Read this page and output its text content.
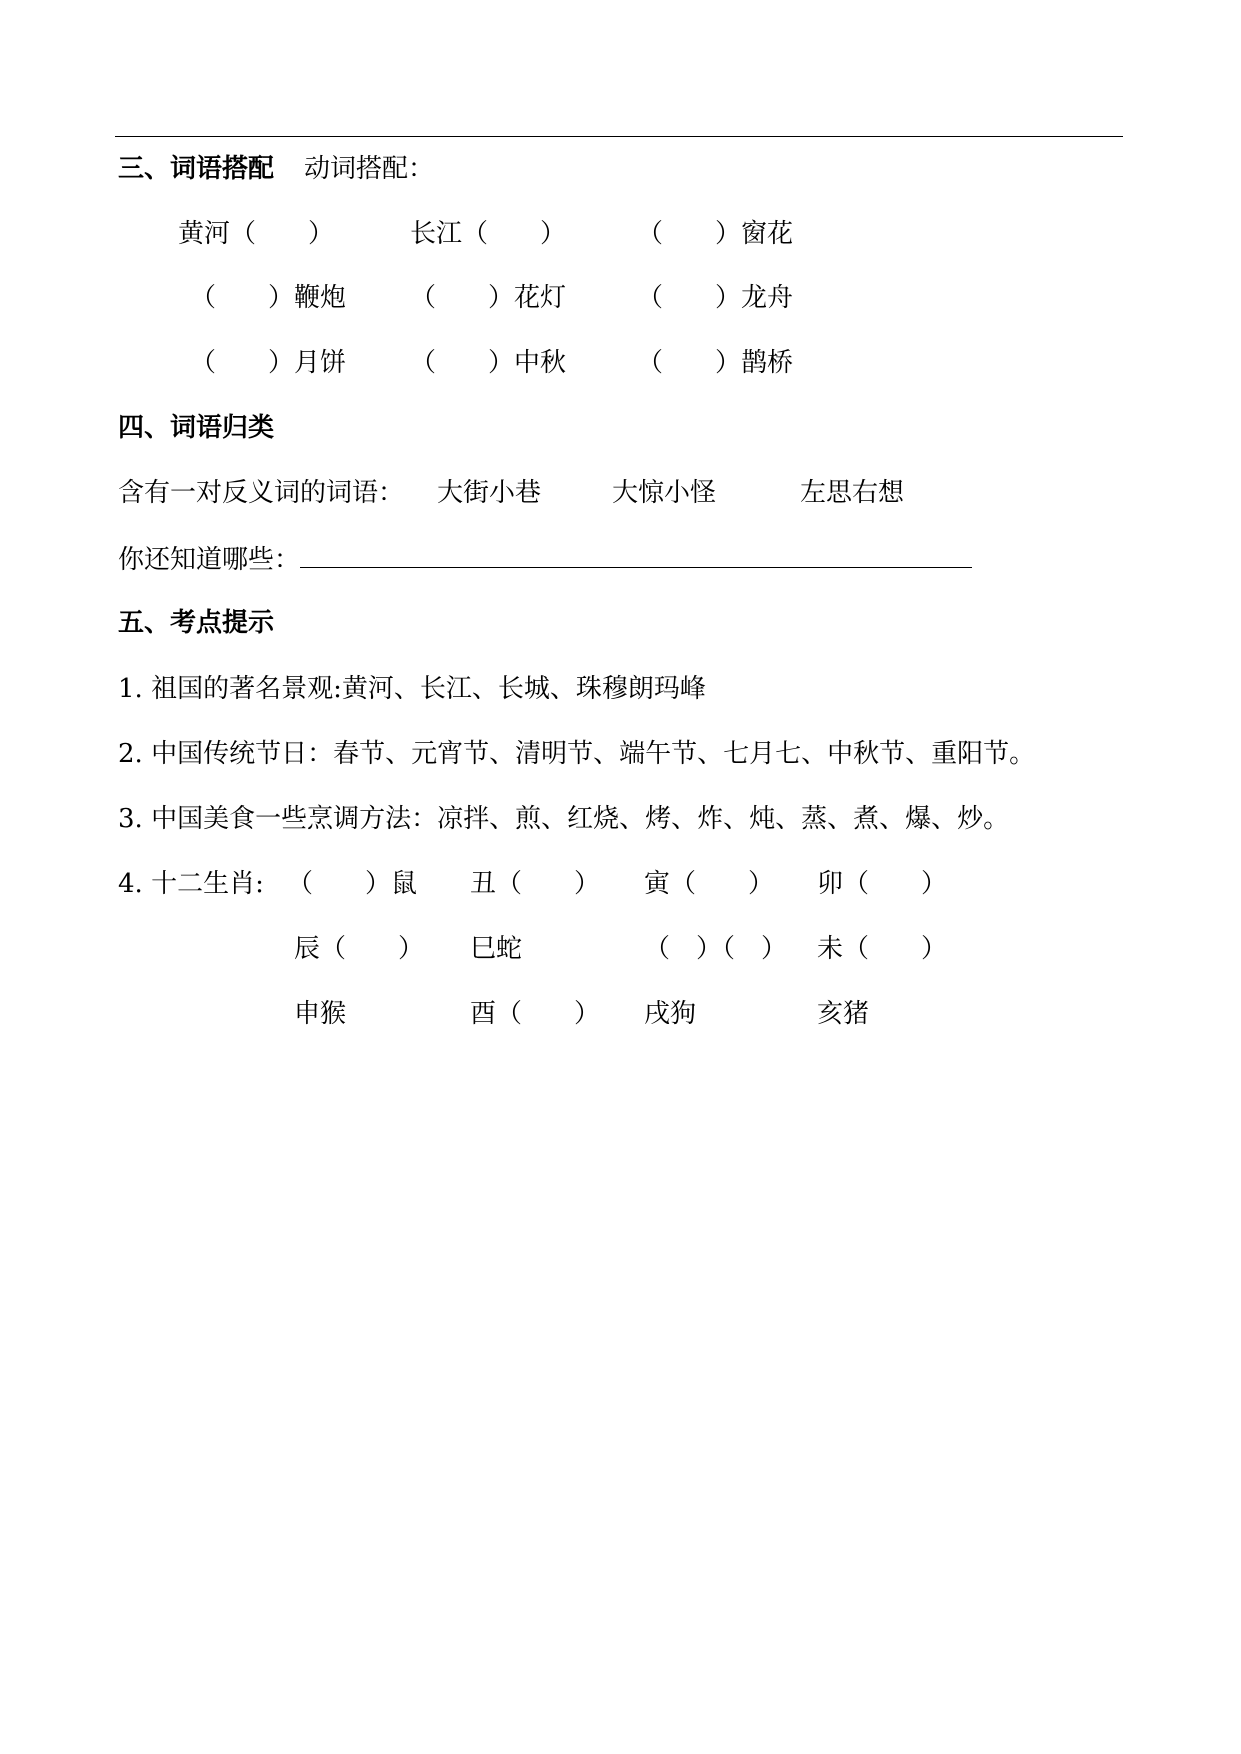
三、词语搭配 动词搭配：
黄河（　　）	长江（　　）	（　　）窗花
（　　）鞭炮 （　　）花灯	（　　）龙舟
（　　）月饼 （　　）中秋	（　　）鹊桥
四、词语归类
含有一对反义词的词语： 大街小巷	大惊小怪	左思右想
你还知道哪些：
五、考点提示
1. 祖国的著名景观:黄河、长江、长城、珠穆朗玛峰
2. 中国传统节日：春节、元宵节、清明节、端午节、七月七、中秋节、重阳节。
3. 中国美食一些烹调方法：凉拌、煎、红烧、烤、炸、炖、蒸、煮、爆、炒。
4. 十二生肖: （　　）鼠 丑（　　） 寅（　　） 卯（　　）
辰（　　） 巳蛇	（　）（　） 未（　　）
申猴	酉（　　） 戌狗	亥猪
